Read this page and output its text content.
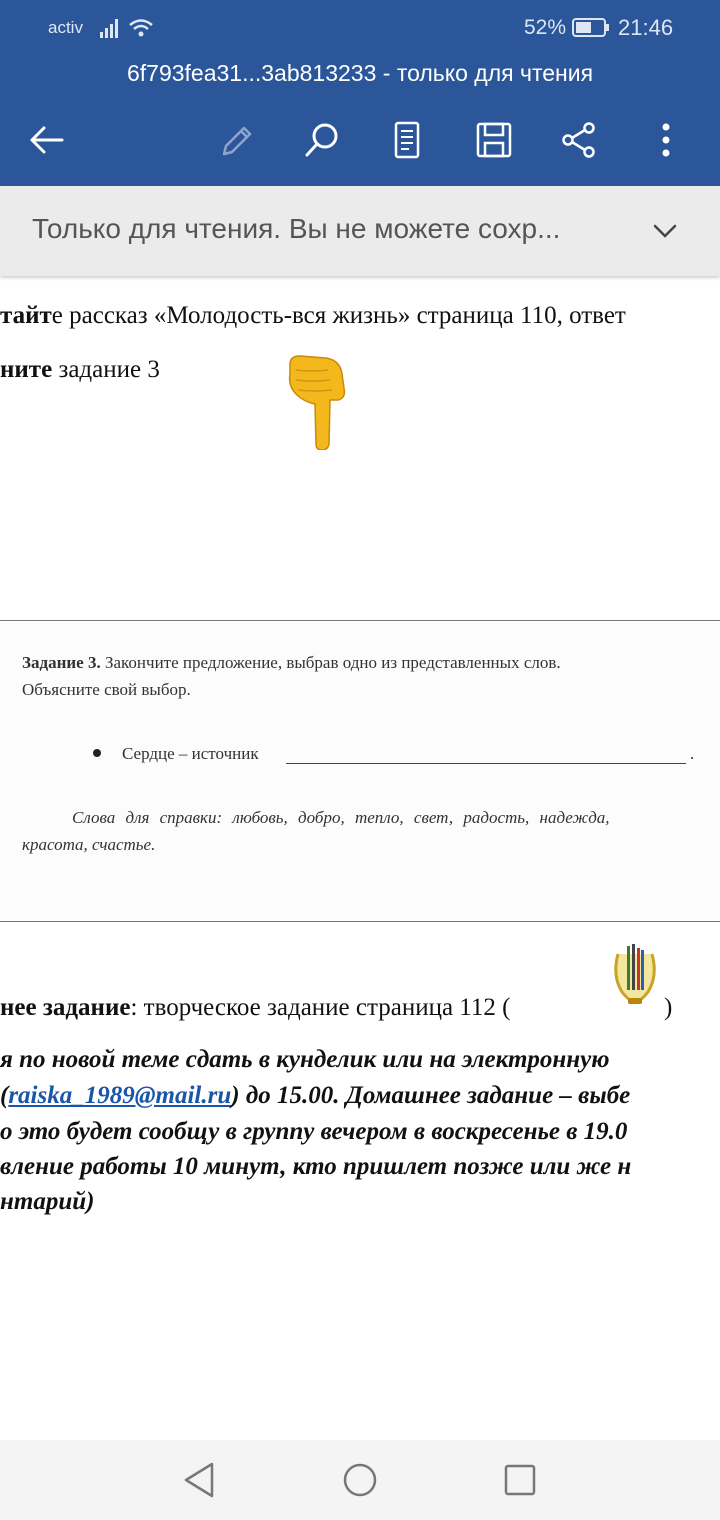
activ	52% 21:46
6f793fea31...3ab813233 - только для чтения
Только для чтения. Вы не можете сохр...
тайте рассказ «Молодость-вся жизнь» страница 110, ответ
ните задание 3
Задание 3. Закончите предложение, выбрав одно из представленных слов.
Объясните свой выбор.
Сердце – источник	.
Слова для справки: любовь, добро, тепло, свет, радость, надежда,
красота, счастье.
нее задание: творческое задание страница 112 (	)
я по новой теме сдать в кунделик или на электронную
(raiska_1989@mail.ru) до 15.00. Домашнее задание – выбе
о это будет сообщу в группу вечером в воскресенье в 19.0
вление работы 10 минут, кто пришлет позже или же н
нтарий)
